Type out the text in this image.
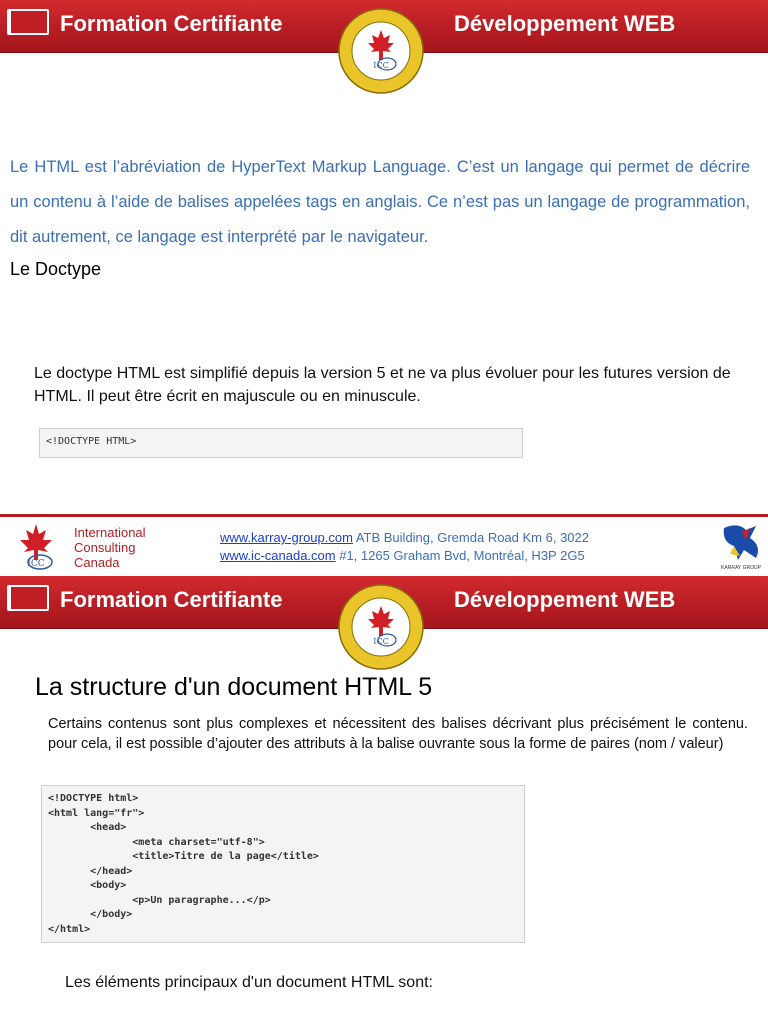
Formation Certifiante	Développement WEB
ICC
Le HTML est l’abréviation de HyperText Markup Language. C’est un langage qui permet de décrire un contenu à l’aide de balises appelées tags en anglais. Ce n’est pas un langage de programmation, dit autrement, ce langage est interprété par le navigateur.
Le Doctype
Le doctype HTML est simplifié depuis la version 5 et ne va plus évoluer pour les futures version de HTML. Il peut être écrit en majuscule ou en minuscule.
<!DOCTYPE HTML>
ICC
International
Consulting
Canada
www.karray-group.com ATB Building, Gremda Road Km 6, 3022
www.ic-canada.com #1, 1265 Graham Bvd, Montréal, H3P 2G5
KARRAY GROUP
Formation Certifiante	Développement WEB
ICC
La structure d'un document HTML 5
Certains contenus sont plus complexes et nécessitent des balises décrivant plus précisément le contenu. pour cela, il est possible d’ajouter des attributs à la balise ouvrante sous la forme de paires (nom / valeur)
<!DOCTYPE html>
<html lang="fr">
<head>
<meta charset="utf-8">
<title>Titre de la page</title>
</head>
<body>
<p>Un paragraphe...</p>
</body>
</html>
Les éléments principaux d'un document HTML sont:
